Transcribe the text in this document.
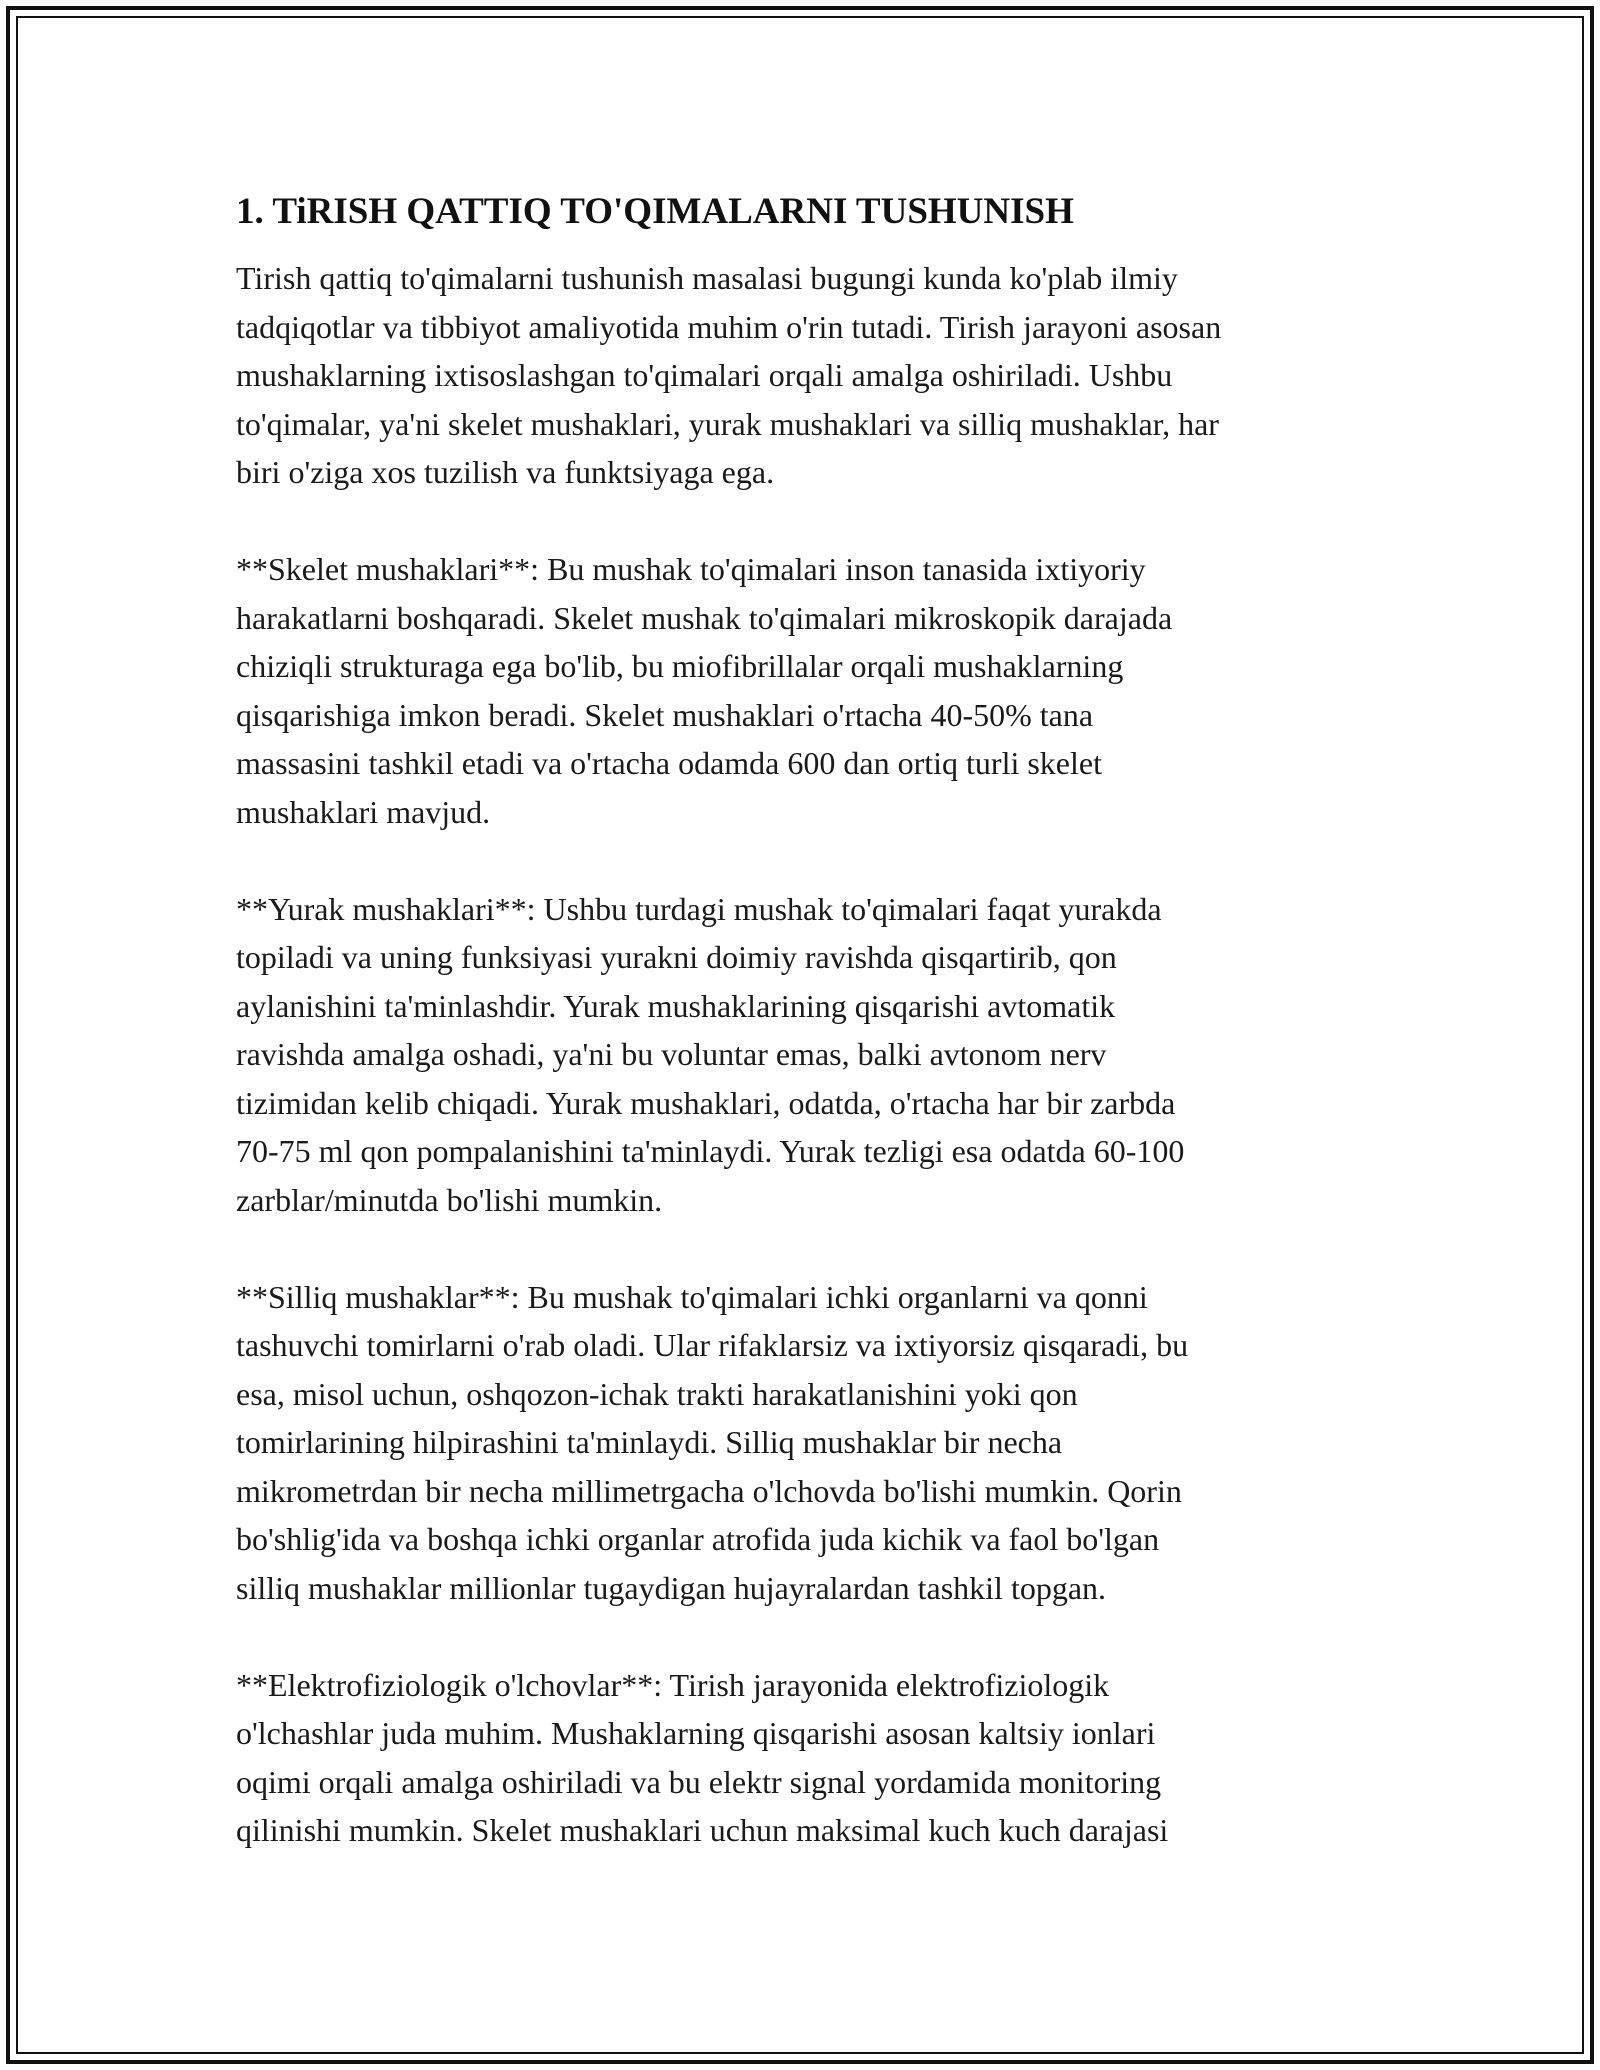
1. TiRISH QATTIQ TO'QIMALARNI TUSHUNISH

Tirish qattiq to'qimalarni tushunish masalasi bugungi kunda ko'plab ilmiy
tadqiqotlar va tibbiyot amaliyotida muhim o'rin tutadi. Tirish jarayoni asosan
mushaklarning ixtisoslashgan to'qimalari orqali amalga oshiriladi. Ushbu
to'qimalar, ya'ni skelet mushaklari, yurak mushaklari va silliq mushaklar, har
biri o'ziga xos tuzilish va funktsiyaga ega.

**Skelet mushaklari**: Bu mushak to'qimalari inson tanasida ixtiyoriy
harakatlarni boshqaradi. Skelet mushak to'qimalari mikroskopik darajada
chiziqli strukturaga ega bo'lib, bu miofibrillalar orqali mushaklarning
qisqarishiga imkon beradi. Skelet mushaklari o'rtacha 40-50% tana
massasini tashkil etadi va o'rtacha odamda 600 dan ortiq turli skelet
mushaklari mavjud.

**Yurak mushaklari**: Ushbu turdagi mushak to'qimalari faqat yurakda
topiladi va uning funksiyasi yurakni doimiy ravishda qisqartirib, qon
aylanishini ta'minlashdir. Yurak mushaklarining qisqarishi avtomatik
ravishda amalga oshadi, ya'ni bu voluntar emas, balki avtonom nerv
tizimidan kelib chiqadi. Yurak mushaklari, odatda, o'rtacha har bir zarbda
70-75 ml qon pompalanishini ta'minlaydi. Yurak tezligi esa odatda 60-100
zarblar/minutda bo'lishi mumkin.

**Silliq mushaklar**: Bu mushak to'qimalari ichki organlarni va qonni
tashuvchi tomirlarni o'rab oladi. Ular rifaklarsiz va ixtiyorsiz qisqaradi, bu
esa, misol uchun, oshqozon-ichak trakti harakatlanishini yoki qon
tomirlarining hilpirashini ta'minlaydi. Silliq mushaklar bir necha
mikrometrdan bir necha millimetrgacha o'lchovda bo'lishi mumkin. Qorin
bo'shlig'ida va boshqa ichki organlar atrofida juda kichik va faol bo'lgan
silliq mushaklar millionlar tugaydigan hujayralardan tashkil topgan.

**Elektrofiziologik o'lchovlar**: Tirish jarayonida elektrofiziologik
o'lchashlar juda muhim. Mushaklarning qisqarishi asosan kaltsiy ionlari
oqimi orqali amalga oshiriladi va bu elektr signal yordamida monitoring
qilinishi mumkin. Skelet mushaklari uchun maksimal kuch kuch darajasi
